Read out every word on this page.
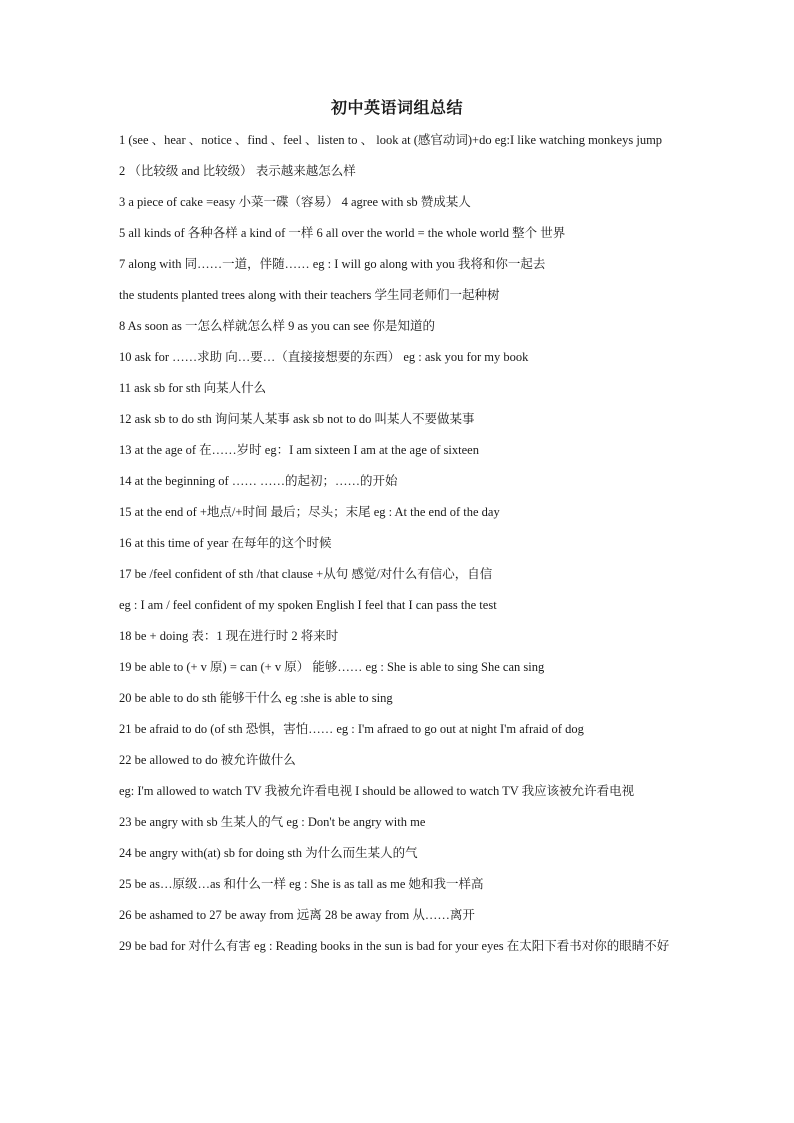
初中英语词组总结
1 (see 、hear 、notice 、find 、feel 、listen to 、 look at (感官动词)+do eg:I like watching monkeys jump
2 （比较级 and 比较级） 表示越来越怎么样
3 a piece of cake =easy 小菜一碟（容易） 4 agree with sb 赞成某人
5 all kinds of 各种各样 a kind of 一样 6 all over the world = the whole world 整个 世界
7 along with 同……一道，伴随…… eg : I will go along with you 我将和你一起去
the students planted trees along with their teachers 学生同老师们一起种树
8 As soon as 一怎么样就怎么样 9 as you can see 你是知道的
10 ask for ……求助 向…要…（直接接想要的东西） eg : ask you for my book
11 ask sb for sth 向某人什么
12 ask sb to do sth 询问某人某事 ask sb not to do 叫某人不要做某事
13 at the age of 在……岁时 eg：I am sixteen I am at the age of sixteen
14 at the beginning of …… ……的起初；……的开始
15 at the end of +地点/+时间 最后；尽头；末尾 eg : At the end of the day
16 at this time of year 在每年的这个时候
17 be /feel confident of sth /that clause +从句 感觉/对什么有信心，自信
eg : I am / feel confident of my spoken English I feel that I can pass the test
18 be + doing 表：1 现在进行时 2 将来时
19 be able to (+ v 原) = can (+ v 原） 能够…… eg : She is able to sing She can sing
20 be able to do sth 能够干什么 eg :she is able to sing
21 be afraid to do (of sth 恐惧，害怕…… eg : I'm afraed to go out at night I'm afraid of dog
22 be allowed to do 被允许做什么
eg: I'm allowed to watch TV 我被允许看电视 I should be allowed to watch TV 我应该被允许看电视
23 be angry with sb 生某人的气 eg : Don't be angry with me
24 be angry with(at) sb for doing sth 为什么而生某人的气
25 be as…原级…as 和什么一样 eg : She is as tall as me 她和我一样高
26 be ashamed to 27 be away from 远离 28 be away from 从……离开
29 be bad for 对什么有害 eg : Reading books in the sun is bad for your eyes 在太阳下看书对你的眼睛不好
